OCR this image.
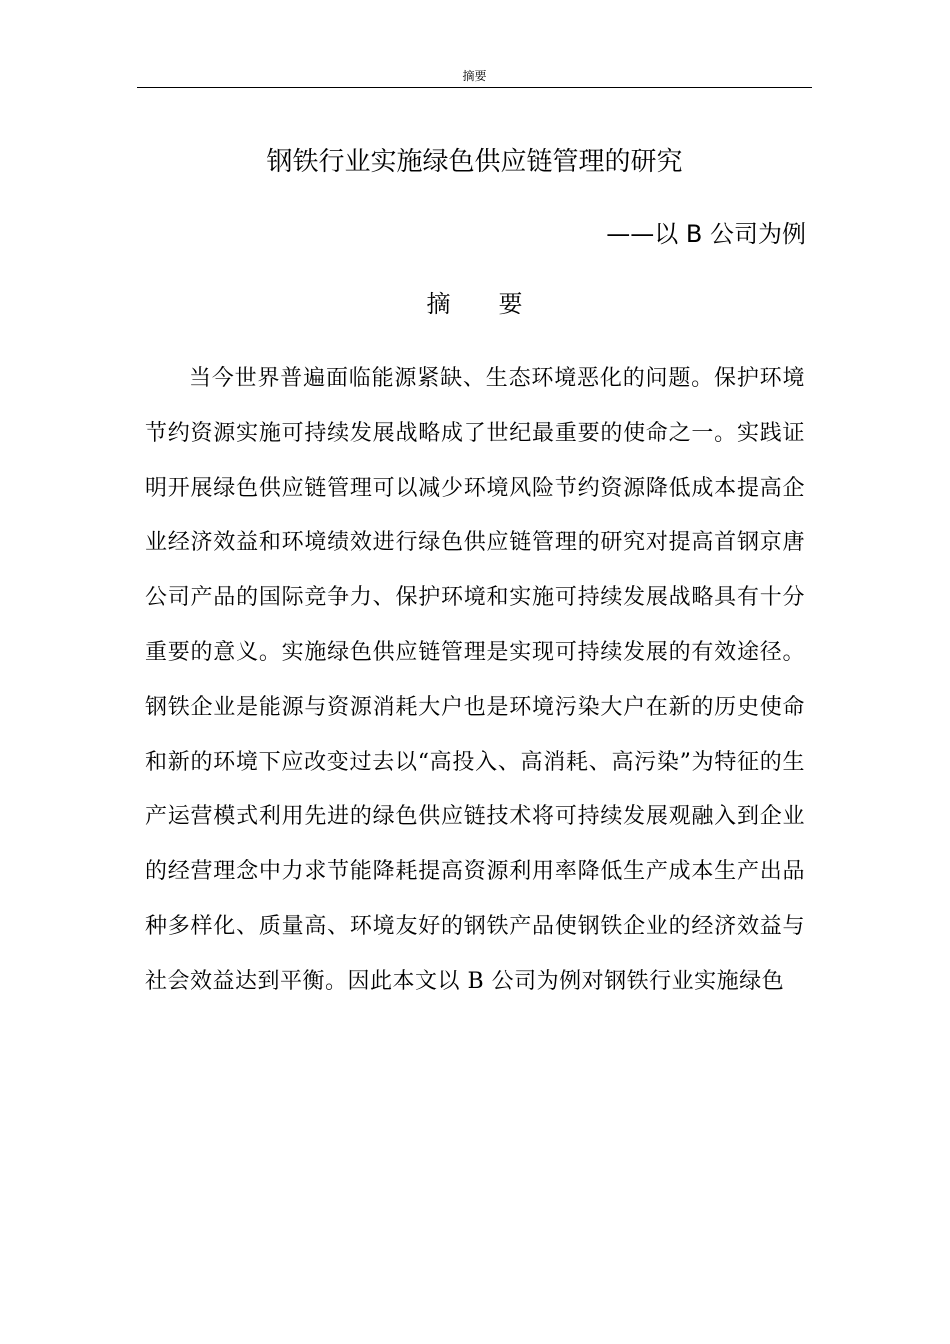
摘要
钢铁行业实施绿色供应链管理的研究
——以 B 公司为例
摘要

当今世界普遍面临能源紧缺、生态环境恶化的问题。保护环境节约资源实施可持续发展战略成了世纪最重要的使命之一。实践证明开展绿色供应链管理可以减少环境风险节约资源降低成本提高企业经济效益和环境绩效进行绿色供应链管理的研究对提高首钢京唐公司产品的国际竞争力、保护环境和实施可持续发展战略具有十分重要的意义。实施绿色供应链管理是实现可持续发展的有效途径。钢铁企业是能源与资源消耗大户也是环境污染大户在新的历史使命和新的环境下应改变过去以“高投入、高消耗、高污染”为特征的生产运营模式利用先进的绿色供应链技术将可持续发展观融入到企业的经营理念中力求节能降耗提高资源利用率降低生产成本生产出品种多样化、质量高、环境友好的钢铁产品使钢铁企业的经济效益与社会效益达到平衡。因此本文以 B 公司为例对钢铁行业实施绿色
